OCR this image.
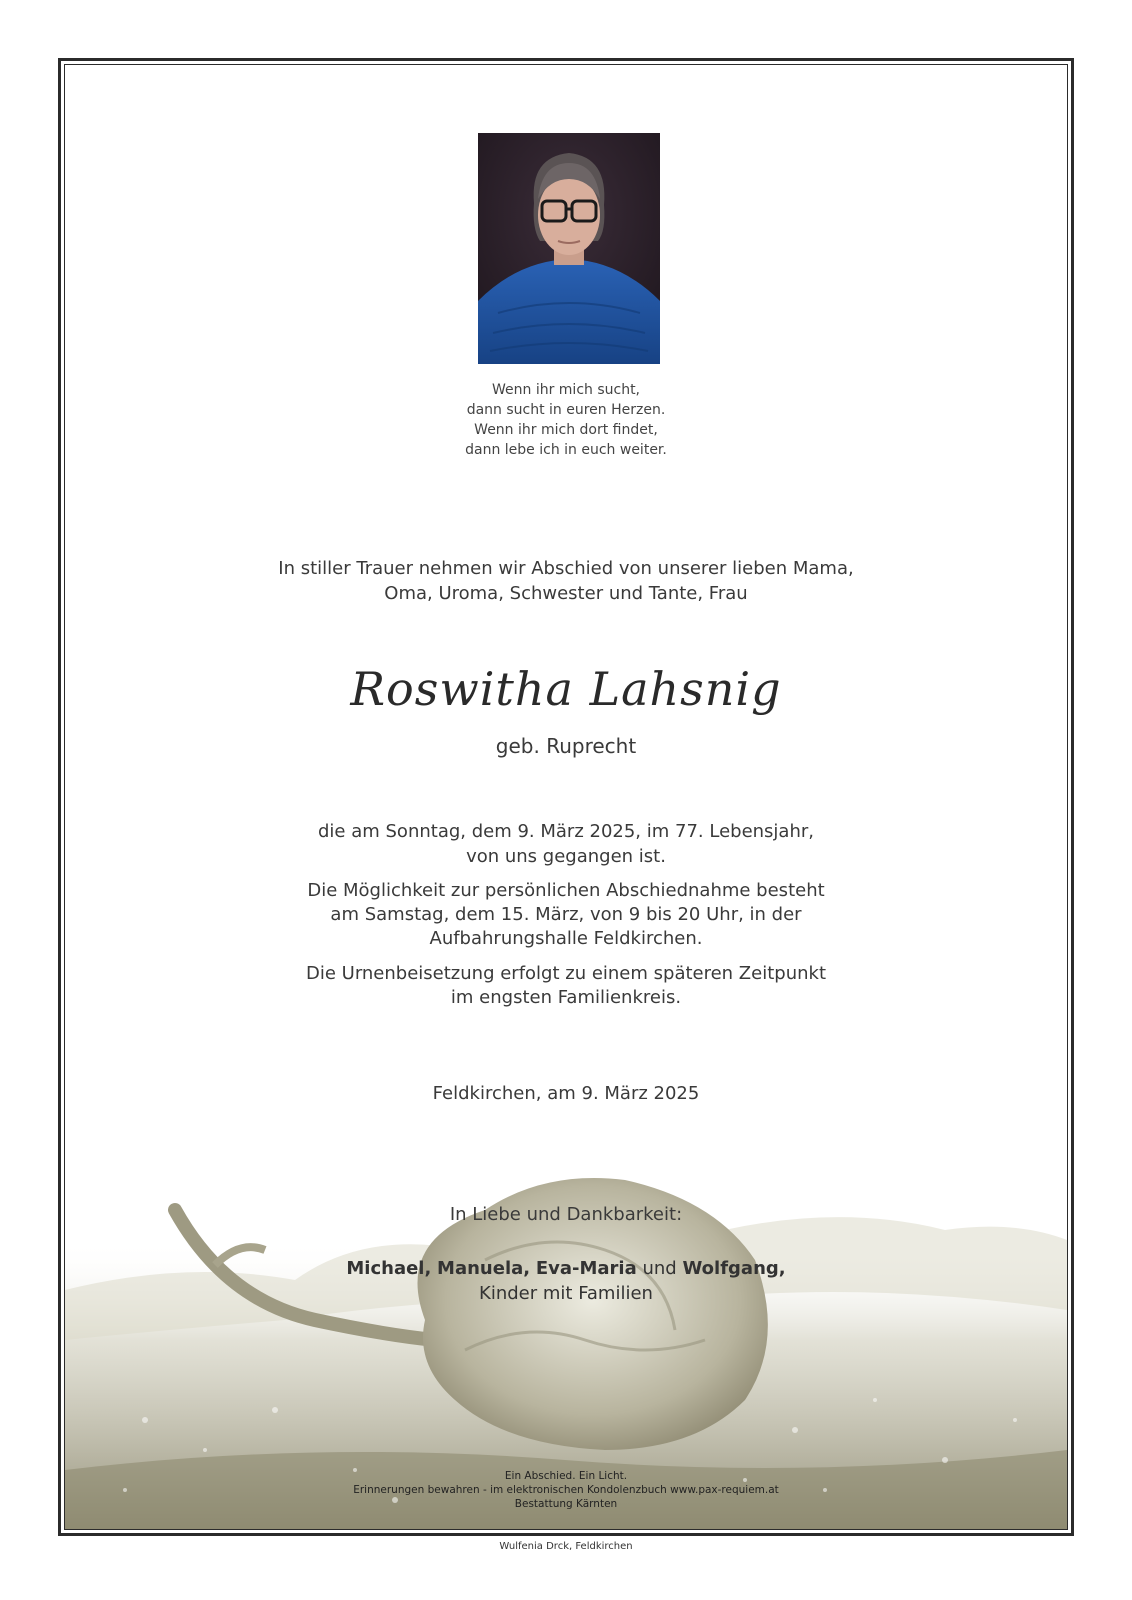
Wenn ihr mich sucht,
dann sucht in euren Herzen.
Wenn ihr mich dort findet,
dann lebe ich in euch weiter.
In stiller Trauer nehmen wir Abschied von unserer lieben Mama,
Oma, Uroma, Schwester und Tante, Frau
Roswitha Lahsnig
geb. Ruprecht
die am Sonntag, dem 9. März 2025, im 77. Lebensjahr,
von uns gegangen ist.
Die Möglichkeit zur persönlichen Abschiednahme besteht
am Samstag, dem 15. März, von 9 bis 20 Uhr, in der
Aufbahrungshalle Feldkirchen.
Die Urnenbeisetzung erfolgt zu einem späteren Zeitpunkt
im engsten Familienkreis.
Feldkirchen, am 9. März 2025
In Liebe und Dankbarkeit:
Michael, Manuela, Eva-Maria und Wolfgang,
Kinder mit Familien
Ein Abschied. Ein Licht.
Erinnerungen bewahren - im elektronischen Kondolenzbuch www.pax-requiem.at
Bestattung Kärnten
Wulfenia Drck, Feldkirchen
